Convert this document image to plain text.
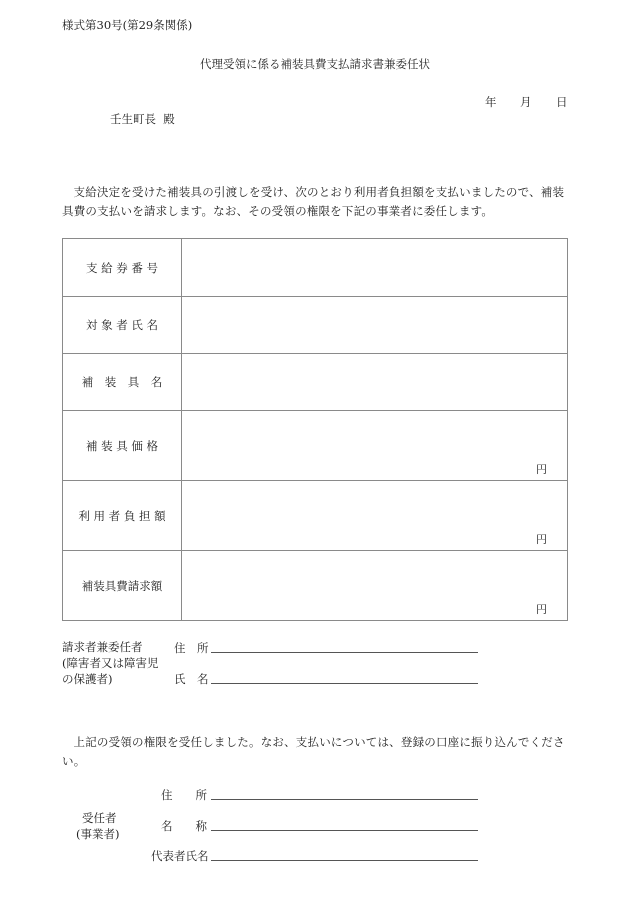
様式第30号(第29条関係)
代理受領に係る補装具費支払請求書兼委任状
年 月 日
壬生町長  殿
支給決定を受けた補装具の引渡しを受け、次のとおり利用者負担額を支払いましたので、補装具費の支払いを請求します。なお、その受領の権限を下記の事業者に委任します。
支 給 券 番 号	
対 象 者 氏 名	
補　装　具　名	
補 装 具 価 格	円

利 用 者 負 担 額	円

補装具費請求額	円
請求者兼委任者
(障害者又は障害児
の保護者)
住　所
氏　名
上記の受領の権限を受任しました。なお、支払いについては、登録の口座に振り込んでください。
住　　所
受任者
(事業者)
名　　称
代表者氏名
